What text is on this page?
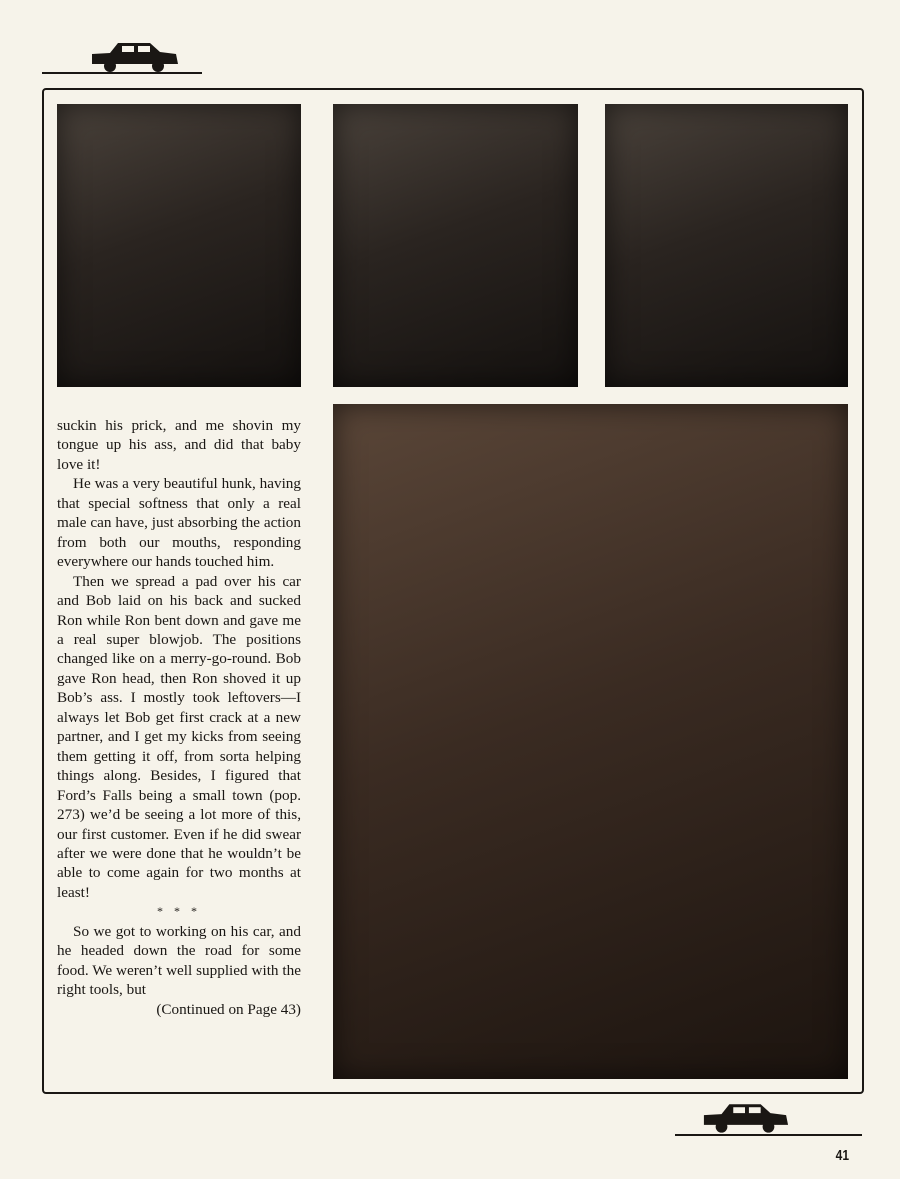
suckin his prick, and me shovin my tongue up his ass, and did that baby love it!

He was a very beautiful hunk, having that special softness that only a real male can have, just absorbing the action from both our mouths, responding everywhere our hands touched him.

Then we spread a pad over his car and Bob laid on his back and sucked Ron while Ron bent down and gave me a real super blowjob. The positions changed like on a merry-go-round. Bob gave Ron head, then Ron shoved it up Bob’s ass. I mostly took leftovers—I always let Bob get first crack at a new partner, and I get my kicks from seeing them getting it off, from sorta helping things along. Besides, I figured that Ford’s Falls being a small town (pop. 273) we’d be seeing a lot more of this, our first customer. Even if he did swear after we were done that he wouldn’t be able to come again for two months at least!

* * *

So we got to working on his car, and he headed down the road for some food. We weren’t well supplied with the right tools, but

(Continued on Page 43)

41
